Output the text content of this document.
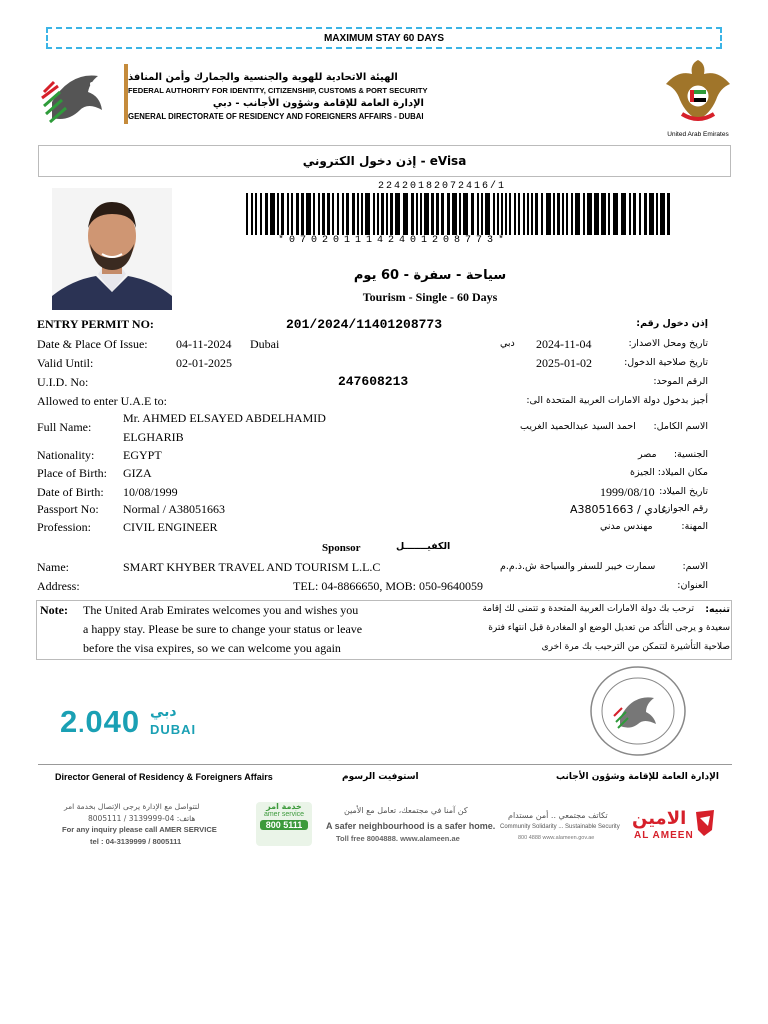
MAXIMUM STAY 60 DAYS
الهيئة الاتحادية للهوية والجنسية والجمارك وأمن المنافذ
FEDERAL AUTHORITY FOR IDENTITY, CITIZENSHIP, CUSTOMS & PORT SECURITY
الإدارة العامة للإقامة وشؤون الأجانب - دبي
GENERAL DIRECTORATE OF RESIDENCY AND FOREIGNERS AFFAIRS - DUBAI
United Arab Emirates
إذن دخول الكتروني - eVisa
22420182072416/1
*0702011142401208773*
سياحة - سفرة - 60 يوم
Tourism - Single - 60 Days
ENTRY PERMIT NO:	201/2024/11401208773	إذن دخول رقم:
Date & Place Of Issue: 04-11-2024 Dubai	دبي 2024-11-04	تاريخ ومحل الاصدار:
Valid Until:	02-01-2025	2025-01-02	تاريخ صلاحية الدخول:
U.I.D. No:	247608213	الرقم الموحد:
Allowed to enter U.A.E to:	أجيز بدخول دولة الامارات العربية المتحدة الى:
Full Name:
Mr. AHMED ELSAYED ABDELHAMID
ELGHARIB
احمد السيد عبدالحميد الغريب الاسم الكامل:
Nationality: EGYPT	مصر الجنسية:
Place of Birth: GIZA	الجيزة مكان الميلاد:
Date of Birth: 10/08/1999	1999/08/10 تاريخ الميلاد:
Passport No: Normal / A38051663	عادي / A38051663
رقم الجواز:
Profession:	CIVIL ENGINEER	مهندس مدني	المهنة:
Sponsor	الكفيـــــــل
Name:	SMART KHYBER TRAVEL AND TOURISM L.L.C	سمارت خيبر للسفر والسياحة ش.ذ.م.م	الاسم:
Address:	TEL: 04-8866650, MOB: 050-9640059	العنوان:
Note: The United Arab Emirates welcomes you and wishes you
a happy stay. Please be sure to change your status or leave
before the visa expires, so we can welcome you again
تنبيه:
ترحب بك دولة الامارات العربية المتحدة و تتمنى لك إقامة
سعيدة و يرجى التأكد من تعديل الوضع او المغادرة قبل انتهاء فترة
صلاحية التأشيرة لتتمكن من الترحيب بك مرة اخرى
2.040 دبي
DUBAI
Director General of Residency & Foreigners Affairs	استوفيت الرسوم	الإدارة العامة للإقامة وشؤون الأجانب
لتتواصل مع الإدارة يرجى الإتصال بخدمة امر
هاتف: 04-3139999 / 8005111
For any inquiry please call AMER SERVICE
tel : 04-3139999 / 8005111
خدمة امر
amer service
800 5111
كن آمنا في مجتمعك، تعامل مع الأمين
A safer neighbourhood is a safer home.
Toll free 8004888. www.alameen.ae
تكاتف مجتمعي .. أمن مستدام
Community Solidarity ... Sustainable Security
800 4888 www.alameen.gov.ae
الامين
AL AMEEN
